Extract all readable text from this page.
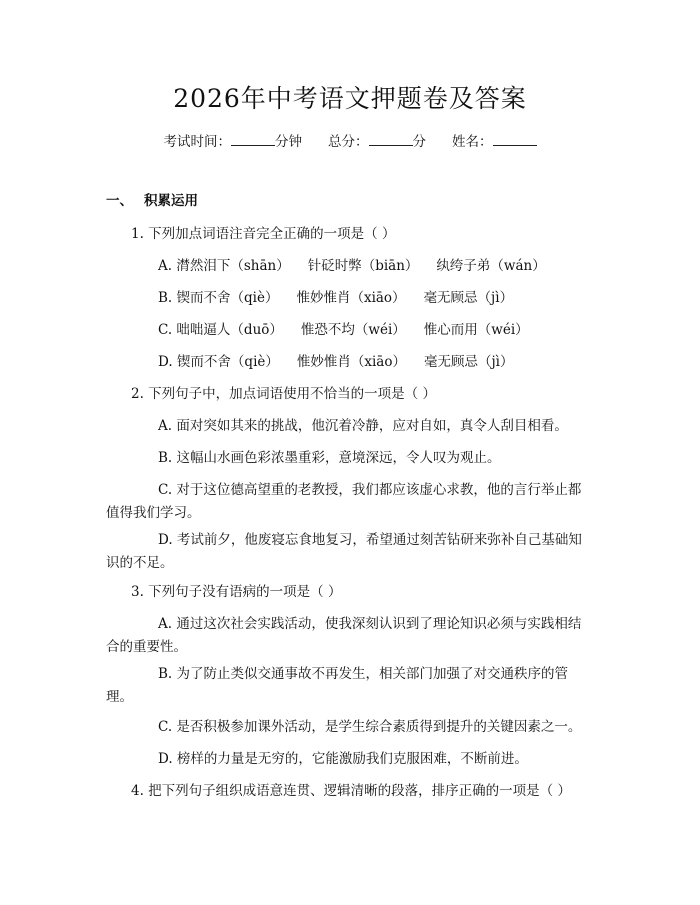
2026年中考语文押题卷及答案
考试时间：	分钟 总分：	分 姓名：
一、 积累运用
1. 下列加点词语注音完全正确的一项是（ ）
A. 潸然泪下（shān） 针砭时弊（biān） 纨绔子弟（wán）
B. 锲而不舍（qiè） 惟妙惟肖（xiāo） 毫无顾忌（jì）
C. 咄咄逼人（duō） 惟恐不均（wéi） 惟心而用（wéi）
D. 锲而不舍（qiè） 惟妙惟肖（xiāo） 毫无顾忌（jì）
2. 下列句子中，加点词语使用不恰当的一项是（ ）
A. 面对突如其来的挑战，他沉着冷静，应对自如，真令人刮目相看。
B. 这幅山水画色彩浓墨重彩，意境深远，令人叹为观止。
C. 对于这位德高望重的老教授，我们都应该虚心求教，他的言行举止都
值得我们学习。
D. 考试前夕，他废寝忘食地复习，希望通过刻苦钻研来弥补自己基础知
识的不足。
3. 下列句子没有语病的一项是（ ）
A. 通过这次社会实践活动，使我深刻认识到了理论知识必须与实践相结
合的重要性。
B. 为了防止类似交通事故不再发生，相关部门加强了对交通秩序的管
理。
C. 是否积极参加课外活动，是学生综合素质得到提升的关键因素之一。
D. 榜样的力量是无穷的，它能激励我们克服困难，不断前进。
4. 把下列句子组织成语意连贯、逻辑清晰的段落，排序正确的一项是（ ）
